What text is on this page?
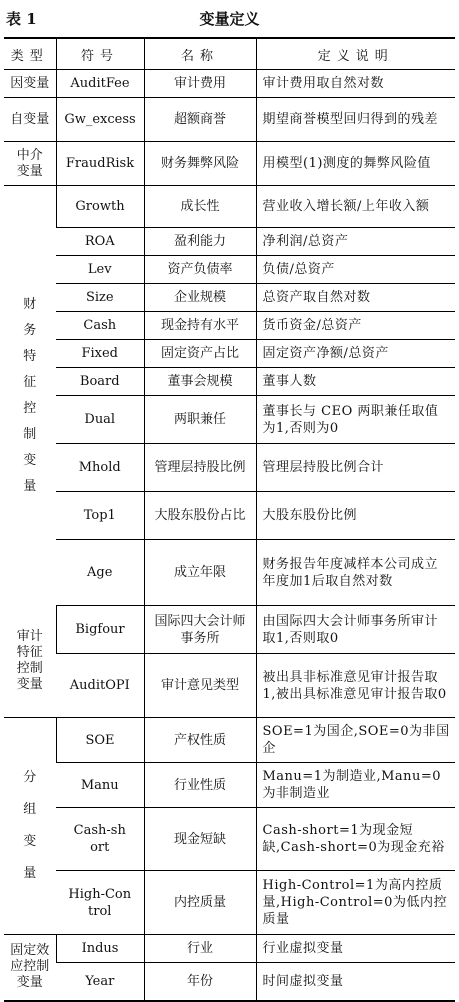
表 1	变量定义
类型	符号	名称	定义说明
因变量	AuditFee	审计费用	审计费用取自然对数
自变量	Gw_excess	超额商誉	期望商誉模型回归得到的残差
中介变量	FraudRisk	财务舞弊风险	用模型(1)测度的舞弊风险值
财务特征控制变量	Growth	成长性	营业收入增长额/上年收入额
	ROA	盈利能力	净利润/总资产
	Lev	资产负债率	负债/总资产
	Size	企业规模	总资产取自然对数
	Cash	现金持有水平	货币资金/总资产
	Fixed	固定资产占比	固定资产净额/总资产
	Board	董事会规模	董事人数
	Dual	两职兼任	董事长与 CEO 两职兼任取值为1,否则为0
	Mhold	管理层持股比例	管理层持股比例合计
	Top1	大股东股份占比	大股东股份比例
	Age	成立年限	财务报告年度减样本公司成立年度加1后取自然对数
审计特征控制变量	Bigfour	国际四大会计师事务所	由国际四大会计师事务所审计取1,否则取0
	AuditOPI	审计意见类型	被出具非标准意见审计报告取1,被出具标准意见审计报告取0
分组变量	SOE	产权性质	SOE=1为国企,SOE=0为非国企
	Manu	行业性质	Manu=1为制造业,Manu=0为非制造业
	Cash-short	现金短缺	Cash-short=1为现金短缺,Cash-short=0为现金充裕
	High-Control	内控质量	High-Control=1为高内控质量,High-Control=0为低内控质量
固定效应控制变量	Indus	行业	行业虚拟变量
	Year	年份	时间虚拟变量
